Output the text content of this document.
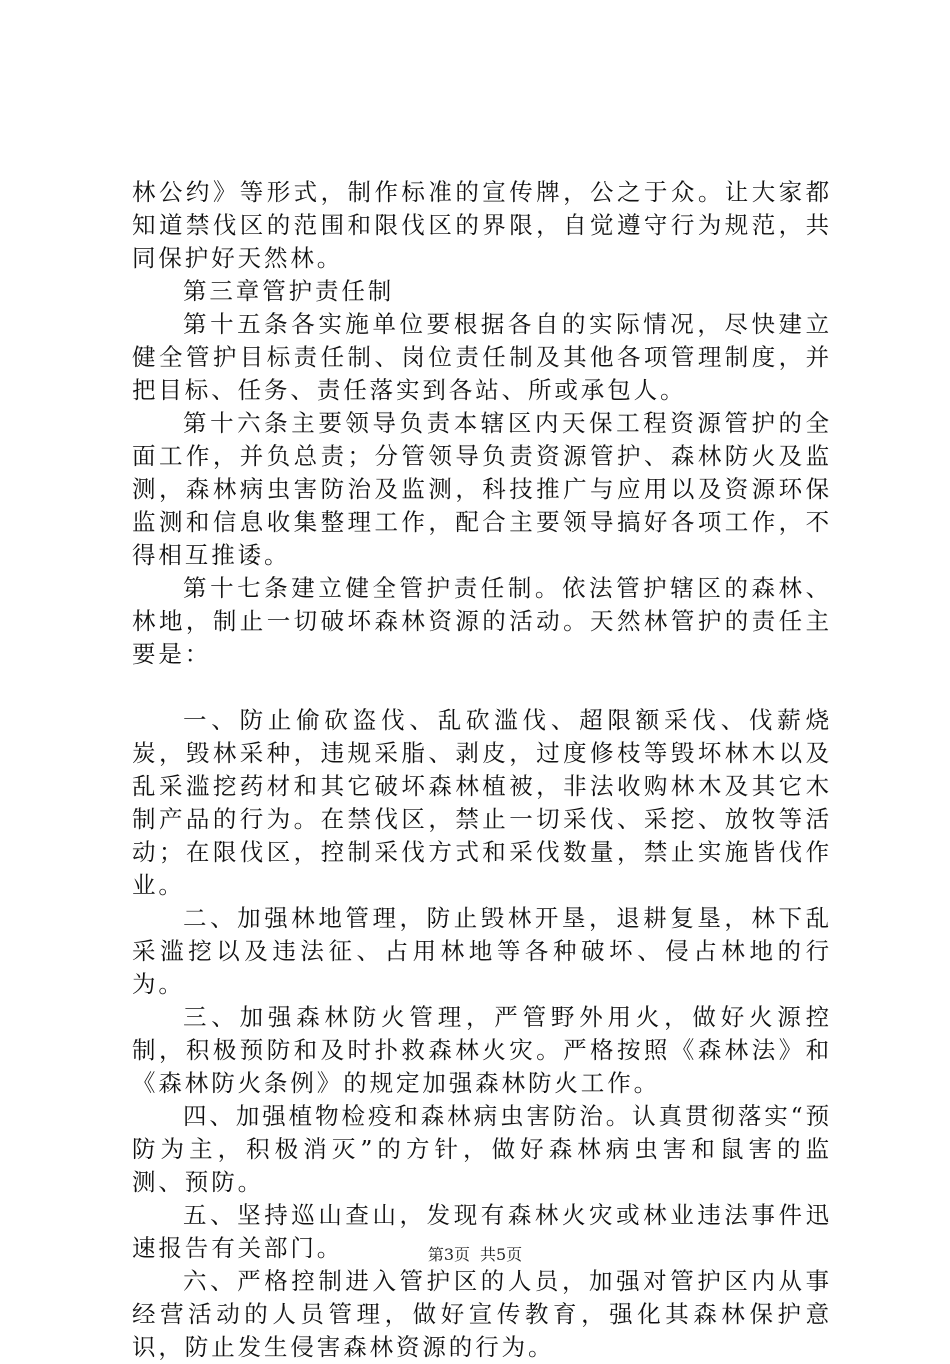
林公约》等形式，制作标准的宣传牌，公之于众。让大家都知道禁伐区的范围和限伐区的界限，自觉遵守行为规范，共同保护好天然林。

第三章管护责任制

第十五条各实施单位要根据各自的实际情况，尽快建立健全管护目标责任制、岗位责任制及其他各项管理制度，并把目标、任务、责任落实到各站、所或承包人。

第十六条主要领导负责本辖区内天保工程资源管护的全面工作，并负总责；分管领导负责资源管护、森林防火及监测，森林病虫害防治及监测，科技推广与应用以及资源环保监测和信息收集整理工作，配合主要领导搞好各项工作，不得相互推诿。

第十七条建立健全管护责任制。依法管护辖区的森林、林地，制止一切破坏森林资源的活动。天然林管护的责任主要是：

一、防止偷砍盗伐、乱砍滥伐、超限额采伐、伐薪烧炭，毁林采种，违规采脂、剥皮，过度修枝等毁坏林木以及乱采滥挖药材和其它破坏森林植被，非法收购林木及其它木制产品的行为。在禁伐区，禁止一切采伐、采挖、放牧等活动；在限伐区，控制采伐方式和采伐数量，禁止实施皆伐作业。

二、加强林地管理，防止毁林开垦，退耕复垦，林下乱采滥挖以及违法征、占用林地等各种破坏、侵占林地的行为。

三、加强森林防火管理，严管野外用火，做好火源控制，积极预防和及时扑救森林火灾。严格按照《森林法》和《森林防火条例》的规定加强森林防火工作。

四、加强植物检疫和森林病虫害防治。认真贯彻落实“预防为主，积极消灭”的方针，做好森林病虫害和鼠害的监测、预防。

五、坚持巡山查山，发现有森林火灾或林业违法事件迅速报告有关部门。

六、严格控制进入管护区的人员，加强对管护区内从事经营活动的人员管理，做好宣传教育，强化其森林保护意识，防止发生侵害森林资源的行为。

第3页 共5页
